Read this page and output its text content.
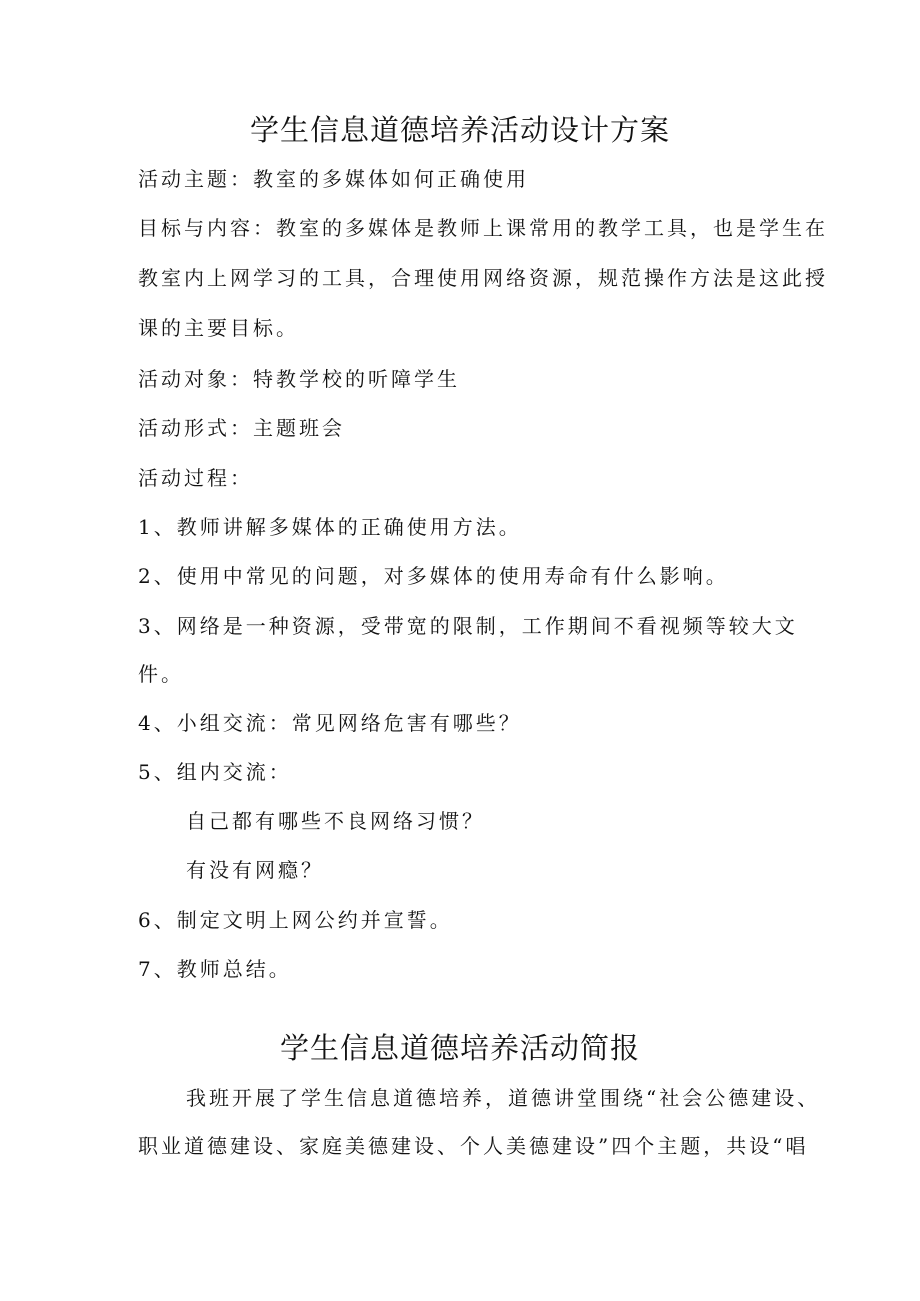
学生信息道德培养活动设计方案
活动主题：教室的多媒体如何正确使用
目标与内容：教室的多媒体是教师上课常用的教学工具，也是学生在
教室内上网学习的工具，合理使用网络资源，规范操作方法是这此授
课的主要目标。
活动对象：特教学校的听障学生
活动形式：主题班会
活动过程：
1、教师讲解多媒体的正确使用方法。
2、使用中常见的问题，对多媒体的使用寿命有什么影响。
3、网络是一种资源，受带宽的限制，工作期间不看视频等较大文
件。
4、小组交流：常见网络危害有哪些？
5、组内交流：
自己都有哪些不良网络习惯？
有没有网瘾？
6、制定文明上网公约并宣誓。
7、教师总结。
学生信息道德培养活动简报
我班开展了学生信息道德培养，道德讲堂围绕“社会公德建设、
职业道德建设、家庭美德建设、个人美德建设”四个主题，共设“唱
